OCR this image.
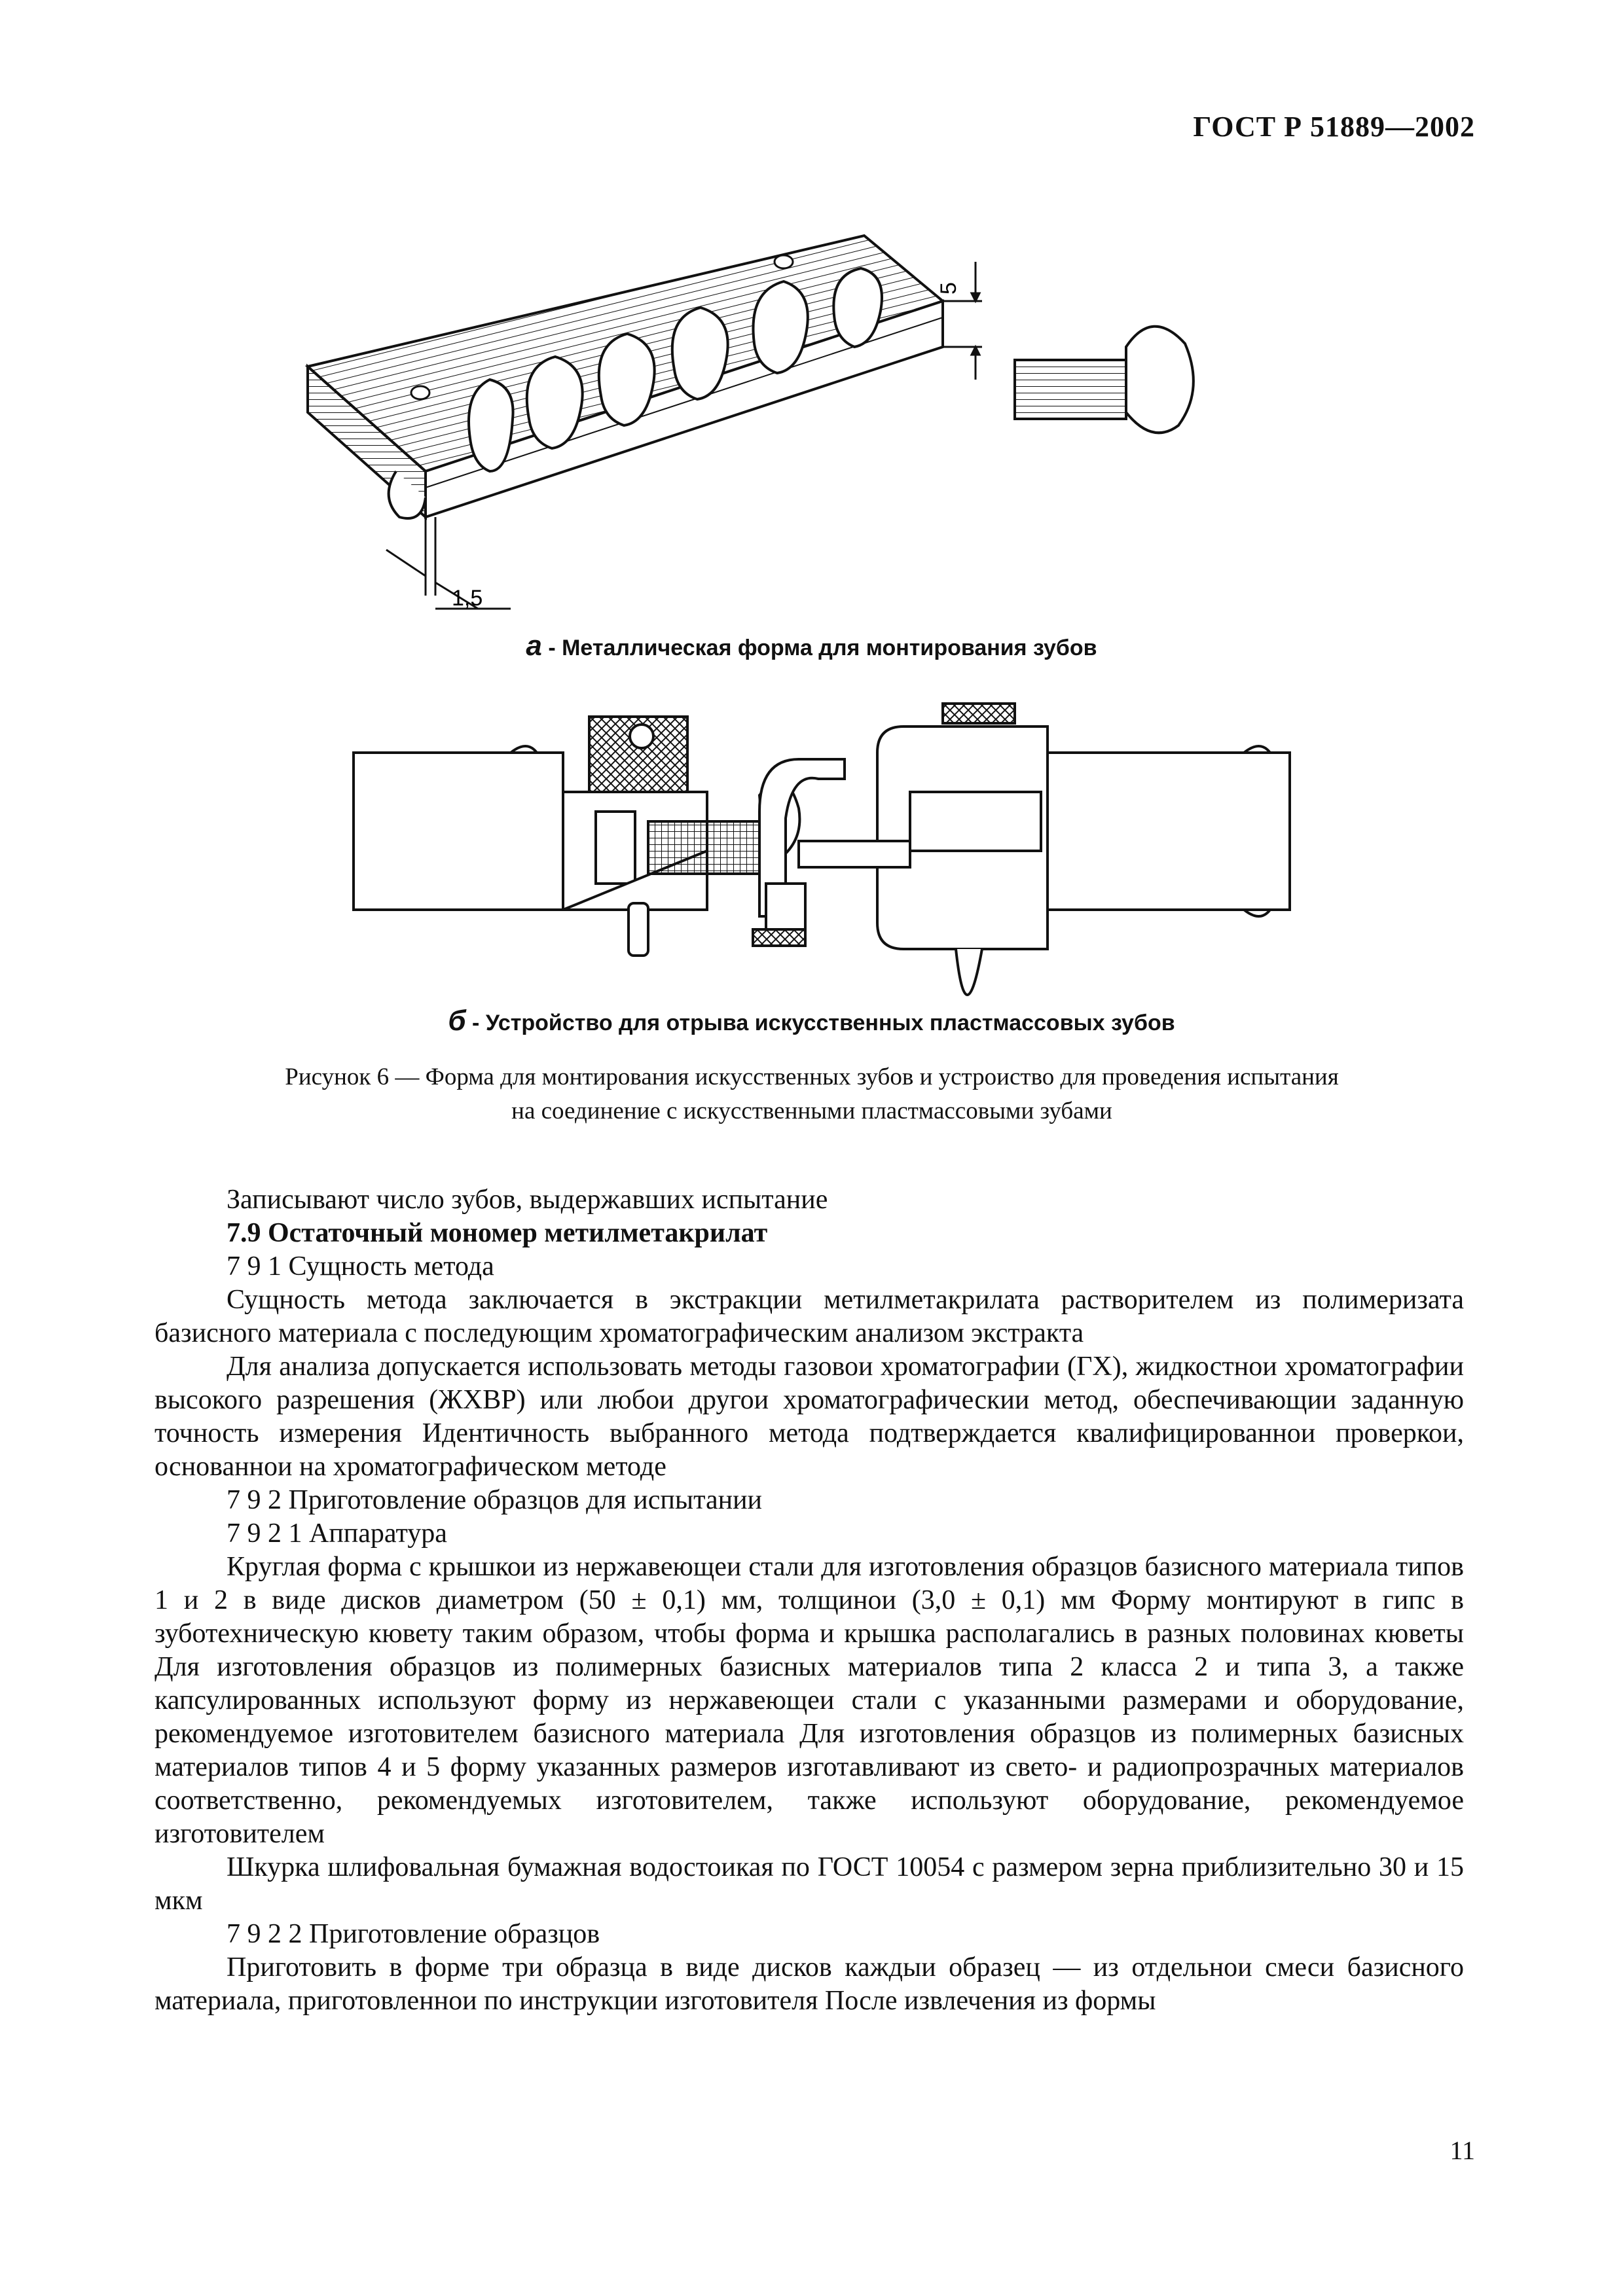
ГОСТ Р 51889—2002
5
1,5
а - Металлическая форма для монтирования зубов
б - Устройство для отрыва искусственных пластмассовых зубов
Рисунок 6 — Форма для монтирования искусственных зубов и устроиство для проведения испытания
на соединение с искусственными пластмассовыми зубами

Записывают число зубов, выдержавших испытание

7.9 Остаточный мономер метилметакрилат

7 9 1 Сущность метода

Сущность метода заключается в экстракции метилметакрилата растворителем из полимеризата базисного материала с последующим хроматографическим анализом экстракта

Для анализа допускается использовать методы газовои хроматографии (ГХ), жидкостнои хроматографии высокого разрешения (ЖХВР) или любои другои хроматографическии метод, обеспечивающии заданную точность измерения Идентичность выбранного метода подтверждается квалифицированнои проверкои, основаннои на хроматографическом методе

7 9 2 Приготовление образцов для испытании

7 9 2 1 Аппаратура

Круглая форма с крышкои из нержавеющеи стали для изготовления образцов базисного материала типов 1 и 2 в виде дисков диаметром (50 ± 0,1) мм, толщинои (3,0 ± 0,1) мм Форму монтируют в гипс в зуботехническую кювету таким образом, чтобы форма и крышка располагались в разных половинах кюветы Для изготовления образцов из полимерных базисных материалов типа 2 класса 2 и типа 3, а также капсулированных используют форму из нержавеющеи стали с указанными размерами и оборудование, рекомендуемое изготовителем базисного материала Для изготовления образцов из полимерных базисных материалов типов 4 и 5 форму указанных размеров изготавливают из свето- и радиопрозрачных материалов соответственно, рекомендуемых изготовителем, также используют оборудование, рекомендуемое изготовителем

Шкурка шлифовальная бумажная водостоикая по ГОСТ 10054 с размером зерна приблизительно 30 и 15 мкм

7 9 2 2 Приготовление образцов

Приготовить в форме три образца в виде дисков каждыи образец — из отдельнои смеси базисного материала, приготовленнои по инструкции изготовителя После извлечения из формы

11
